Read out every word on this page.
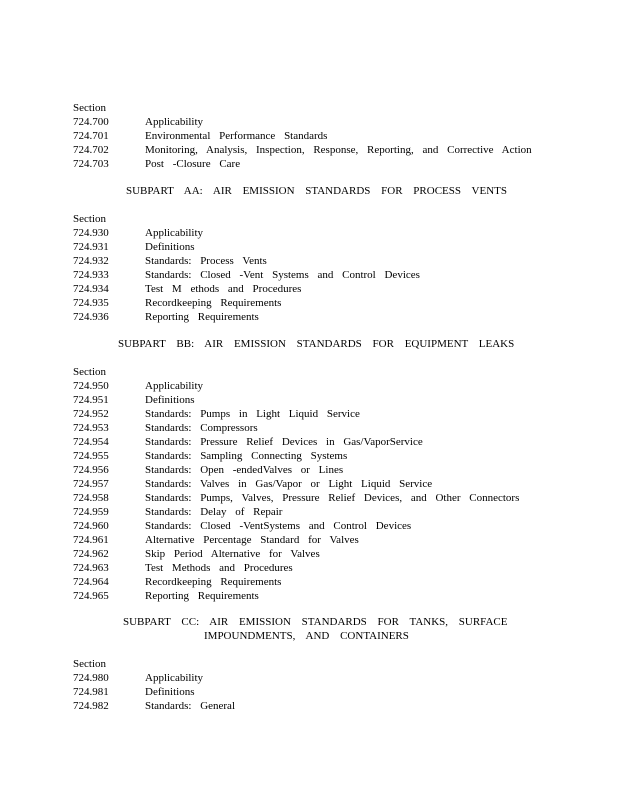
Section
724.700	Applicability
724.701	Environmental Performance Standards
724.702	Monitoring, Analysis, Inspection, Response, Reporting, and Corrective Action
724.703	Post -Closure Care
SUBPART AA: AIR EMISSION STANDARDS FOR PROCESS VENTS
Section
724.930	Applicability
724.931	Definitions
724.932	Standards: Process Vents
724.933	Standards: Closed -Vent Systems and Control Devices
724.934	Test M ethods and Procedures
724.935	Recordkeeping Requirements
724.936	Reporting Requirements
SUBPART BB: AIR EMISSION STANDARDS FOR EQUIPMENT LEAKS
Section
724.950	Applicability
724.951	Definitions
724.952	Standards: Pumps in Light Liquid Service
724.953	Standards: Compressors
724.954	Standards: Pressure Relief Devices in Gas/VaporService
724.955	Standards: Sampling Connecting Systems
724.956	Standards: Open -endedValves or Lines
724.957	Standards: Valves in Gas/Vapor or Light Liquid Service
724.958	Standards: Pumps, Valves, Pressure Relief Devices, and Other Connectors
724.959	Standards: Delay of Repair
724.960	Standards: Closed -VentSystems and Control Devices
724.961	Alternative Percentage Standard for Valves
724.962	Skip Period Alternative for Valves
724.963	Test Methods and Procedures
724.964	Recordkeeping Requirements
724.965	Reporting Requirements
SUBPART CC: AIR EMISSION STANDARDS FOR TANKS, SURFACE
IMPOUNDMENTS, AND CONTAINERS
Section
724.980	Applicability
724.981	Definitions
724.982	Standards: General
